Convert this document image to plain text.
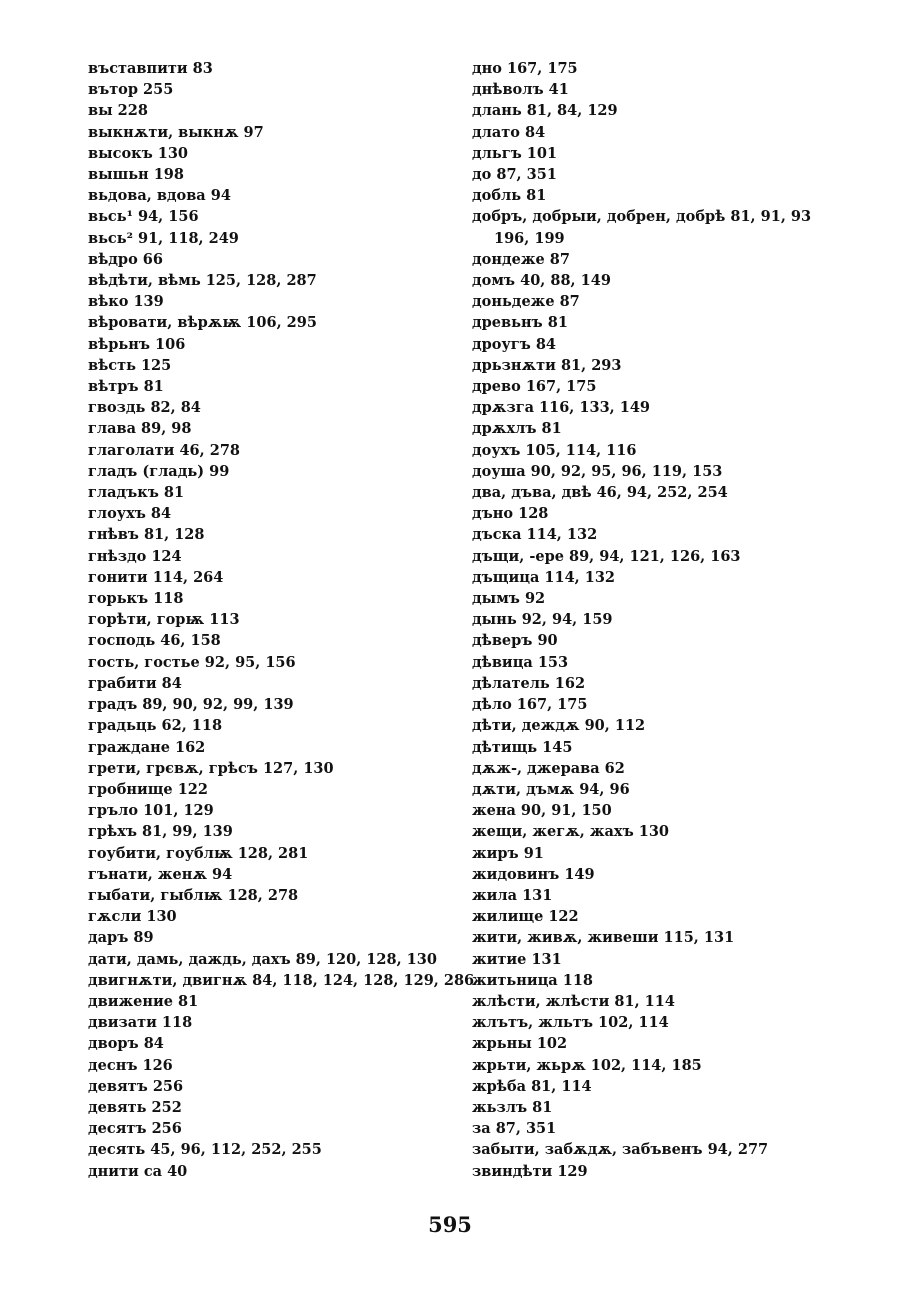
въставпити 83
вътор 255
вы 228
выкнѫти, выкнѫ 97
высокъ 130
вышьн 198
вьдова, вдова 94
вьсь¹ 94, 156
вьсь² 91, 118, 249
вѣдро 66
вѣдѣти, вѣмь 125, 128, 287
вѣко 139
вѣровати, вѣрѫѭ 106, 295
вѣрьнъ 106
вѣсть 125
вѣтръ 81
гвоздь 82, 84
глава 89, 98
глаголати 46, 278
гладъ (гладь) 99
гладъкъ 81
глоухъ 84
гнѣвъ 81, 128
гнѣздо 124
гонити 114, 264
горькъ 118
горѣти, горѭ 113
господь 46, 158
гость, гостье 92, 95, 156
грабити 84
градъ 89, 90, 92, 99, 139
градьць 62, 118
граждане 162
грети, грєвѫ, грѣсъ 127, 130
гробнище 122
гръло 101, 129
грѣхъ 81, 99, 139
гоубити, гоублѭ 128, 281
гънати, женѫ 94
гыбати, гыблѭ 128, 278
гѫсли 130
даръ 89
дати, дамь, даждь, дахъ 89, 120, 128, 130
двигнѫти, двигнѫ 84, 118, 124, 128, 129, 286
движение 81
двизати 118
дворъ 84
деснъ 126
девятъ 256
девять 252
десятъ 256
десять 45, 96, 112, 252, 255
днити са 40
дно 167, 175
днѣволъ 41
длань 81, 84, 129
длато 84
дльгъ 101
до 87, 351
добль 81
добръ, добрыи, добрен, добрѣ 81, 91, 93 196, 199
дондеже 87
домъ 40, 88, 149
доньдеже 87
древьнъ 81
дроугъ 84
дрьзнѫти 81, 293
древо 167, 175
дрѫзга 116, 133, 149
дрѫхлъ 81
доухъ 105, 114, 116
доуша 90, 92, 95, 96, 119, 153
два, дъва, двѣ 46, 94, 252, 254
дъно 128
дъска 114, 132
дъщи, -ере 89, 94, 121, 126, 163
дъщица 114, 132
дымъ 92
дынь 92, 94, 159
дѣверъ 90
дѣвица 153
дѣлатель 162
дѣло 167, 175
дѣти, деждѫ 90, 112
дѣтищь 145
дѫж-, джерава 62
дѫти, дъмѫ 94, 96
жена 90, 91, 150
жещи, жегѫ, жахъ 130
жиръ 91
жидовинъ 149
жила 131
жилище 122
жити, живѫ, живеши 115, 131
житие 131
житьница 118
жлѣсти, жлѣсти 81, 114
жлътъ, жльтъ 102, 114
жрьны 102
жрьти, жьрѫ 102, 114, 185
жрѣба 81, 114
жьзлъ 81
за 87, 351
забыти, забѫдѫ, забъвенъ 94, 277
звиндѣти 129
595
